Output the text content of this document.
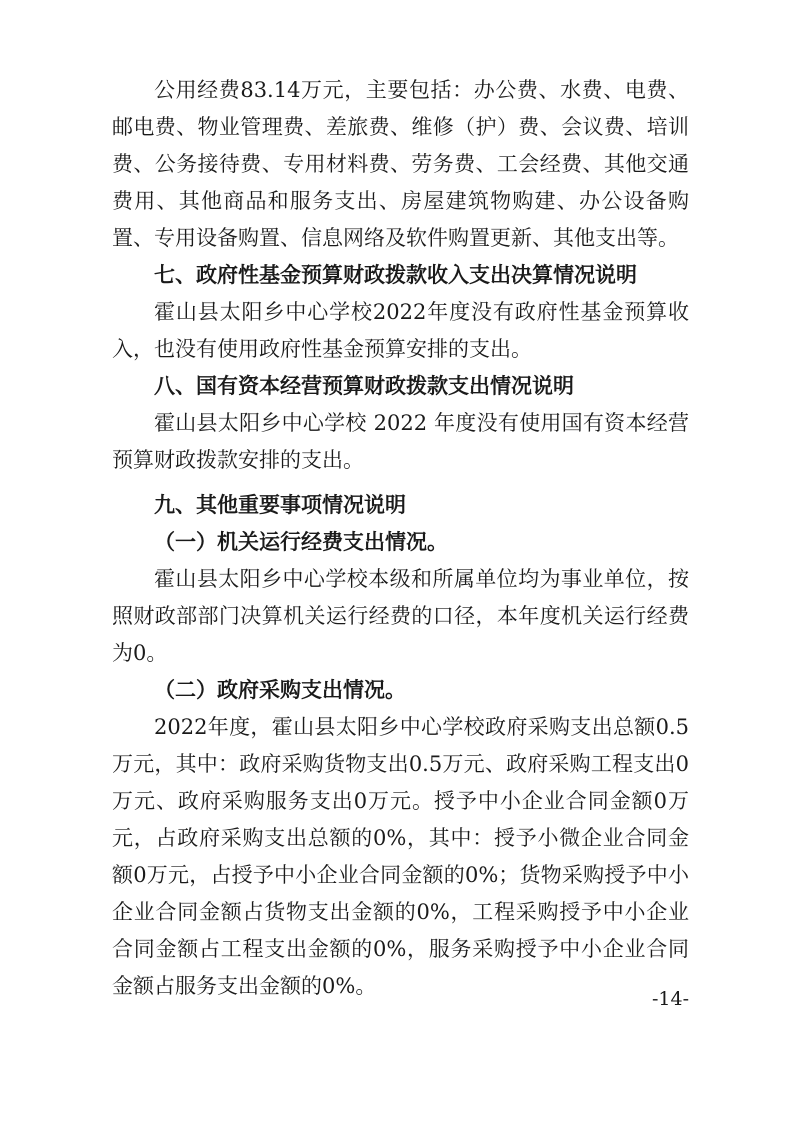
公用经费83.14万元，主要包括：办公费、水费、电费、邮电费、物业管理费、差旅费、维修（护）费、会议费、培训费、公务接待费、专用材料费、劳务费、工会经费、其他交通费用、其他商品和服务支出、房屋建筑物购建、办公设备购置、专用设备购置、信息网络及软件购置更新、其他支出等。

七、政府性基金预算财政拨款收入支出决算情况说明

霍山县太阳乡中心学校2022年度没有政府性基金预算收入，也没有使用政府性基金预算安排的支出。

八、国有资本经营预算财政拨款支出情况说明

霍山县太阳乡中心学校 2022 年度没有使用国有资本经营预算财政拨款安排的支出。

九、其他重要事项情况说明

（一）机关运行经费支出情况。

霍山县太阳乡中心学校本级和所属单位均为事业单位，按照财政部部门决算机关运行经费的口径，本年度机关运行经费为0。

（二）政府采购支出情况。

2022年度，霍山县太阳乡中心学校政府采购支出总额0.5万元，其中：政府采购货物支出0.5万元、政府采购工程支出0万元、政府采购服务支出0万元。授予中小企业合同金额0万元，占政府采购支出总额的0%，其中：授予小微企业合同金额0万元，占授予中小企业合同金额的0%；货物采购授予中小企业合同金额占货物支出金额的0%，工程采购授予中小企业合同金额占工程支出金额的0%，服务采购授予中小企业合同金额占服务支出金额的0%。

-14-
